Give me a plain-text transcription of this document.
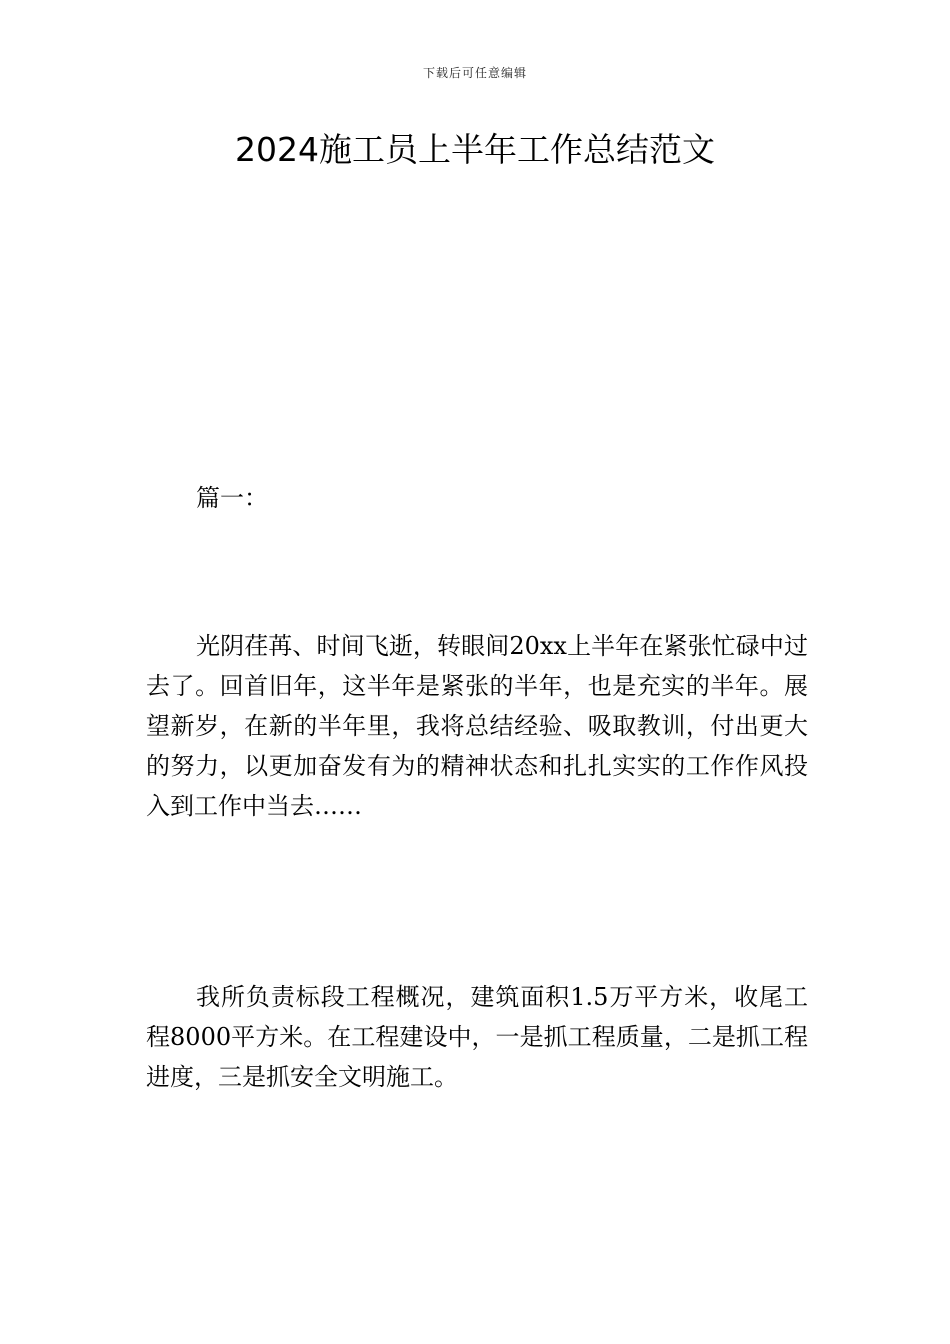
下载后可任意编辑
2024施工员上半年工作总结范文
篇一：

光阴荏苒、时间飞逝，转眼间20xx上半年在紧张忙碌中过去了。回首旧年，这半年是紧张的半年，也是充实的半年。展望新岁，在新的半年里，我将总结经验、吸取教训，付出更大的努力，以更加奋发有为的精神状态和扎扎实实的工作作风投入到工作中当去……

我所负责标段工程概况，建筑面积1.5万平方米，收尾工程8000平方米。在工程建设中，一是抓工程质量，二是抓工程进度，三是抓安全文明施工。
